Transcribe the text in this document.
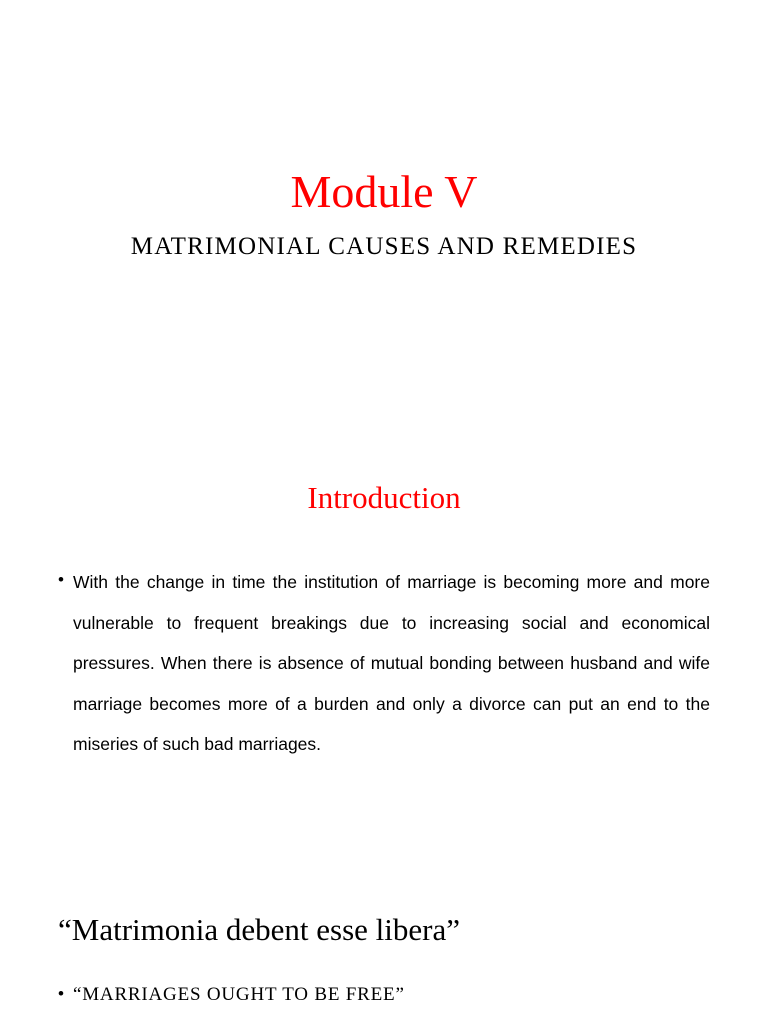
Module V
MATRIMONIAL CAUSES AND REMEDIES
Introduction
• With the change in time the institution of marriage is becoming more and more vulnerable to frequent breakings due to increasing social and economical pressures. When there is absence of mutual bonding between husband and wife marriage becomes more of a burden and only a divorce can put an end to the miseries of such bad marriages.
“Matrimonia debent esse libera”
• “MARRIAGES OUGHT TO BE FREE”
